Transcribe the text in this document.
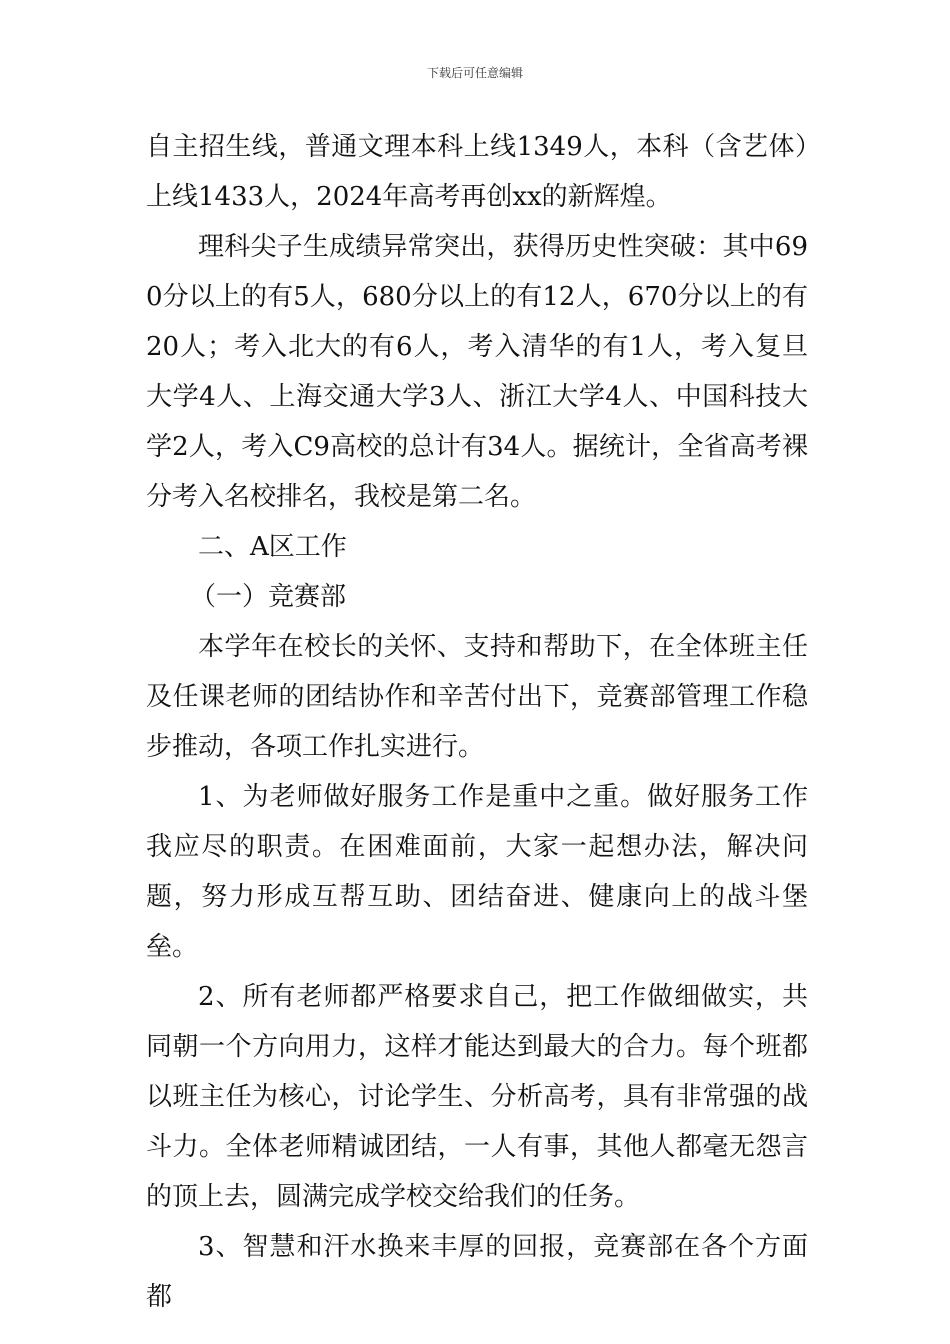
下载后可任意编辑

自主招生线，普通文理本科上线1349人，本科（含艺体）上线1433人，2024年高考再创xx的新辉煌。

理科尖子生成绩异常突出，获得历史性突破：其中690分以上的有5人，680分以上的有12人，670分以上的有20人；考入北大的有6人，考入清华的有1人，考入复旦大学4人、上海交通大学3人、浙江大学4人、中国科技大学2人，考入C9高校的总计有34人。据统计，全省高考裸分考入名校排名，我校是第二名。

二、A区工作

（一）竞赛部

本学年在校长的关怀、支持和帮助下，在全体班主任及任课老师的团结协作和辛苦付出下，竞赛部管理工作稳步推动，各项工作扎实进行。

1、为老师做好服务工作是重中之重。做好服务工作我应尽的职责。在困难面前，大家一起想办法，解决问题，努力形成互帮互助、团结奋进、健康向上的战斗堡垒。

2、所有老师都严格要求自己，把工作做细做实，共同朝一个方向用力，这样才能达到最大的合力。每个班都以班主任为核心，讨论学生、分析高考，具有非常强的战斗力。全体老师精诚团结，一人有事，其他人都毫无怨言的顶上去，圆满完成学校交给我们的任务。

3、智慧和汗水换来丰厚的回报，竞赛部在各个方面都
